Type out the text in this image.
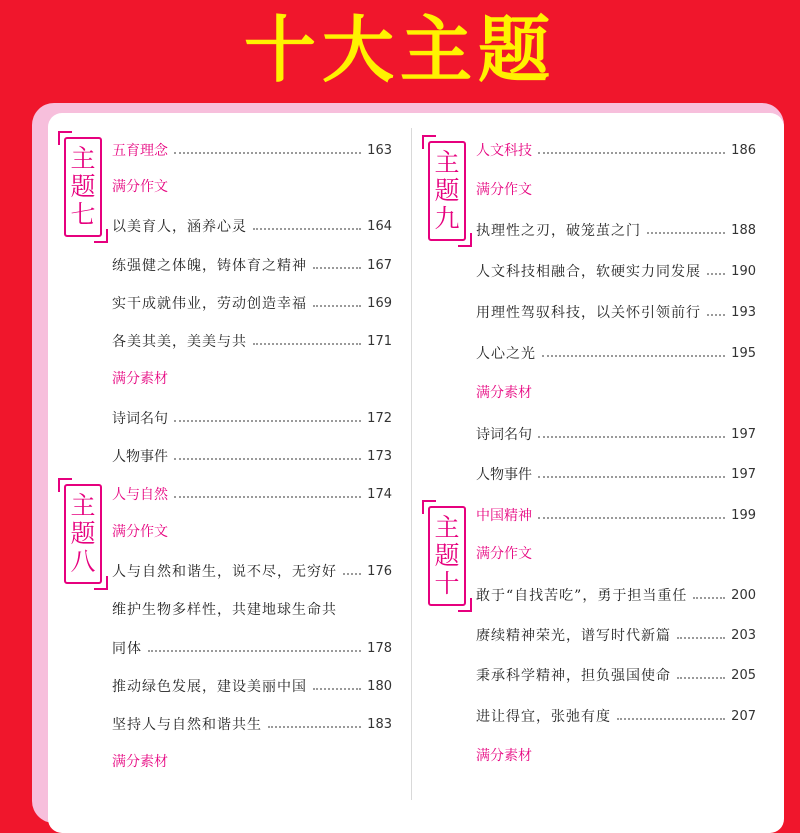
十大主题
主
题
七
主
题
八
主
题
九
主
题
十
五育理念	163
满分作文
以美育人，涵养心灵	164
练强健之体魄，铸体育之精神	167
实干成就伟业，劳动创造幸福	169
各美其美，美美与共	171
满分素材
诗词名句	172
人物事件	173
人与自然	174
满分作文
人与自然和谐生，说不尽，无穷好 176
维护生物多样性，共建地球生命共
同体	178
推动绿色发展，建设美丽中国	180
坚持人与自然和谐共生	183
满分素材
人文科技	186
满分作文
执理性之刃，破笼茧之门	188
人文科技相融合，软硬实力同发展 190
用理性驾驭科技，以关怀引领前行 193
人心之光	195
满分素材
诗词名句	197
人物事件	197
中国精神	199
满分作文
敢于“自找苦吃”，勇于担当重任	200
赓续精神荣光，谱写时代新篇	203
秉承科学精神，担负强国使命	205
进让得宜，张弛有度	207
满分素材
